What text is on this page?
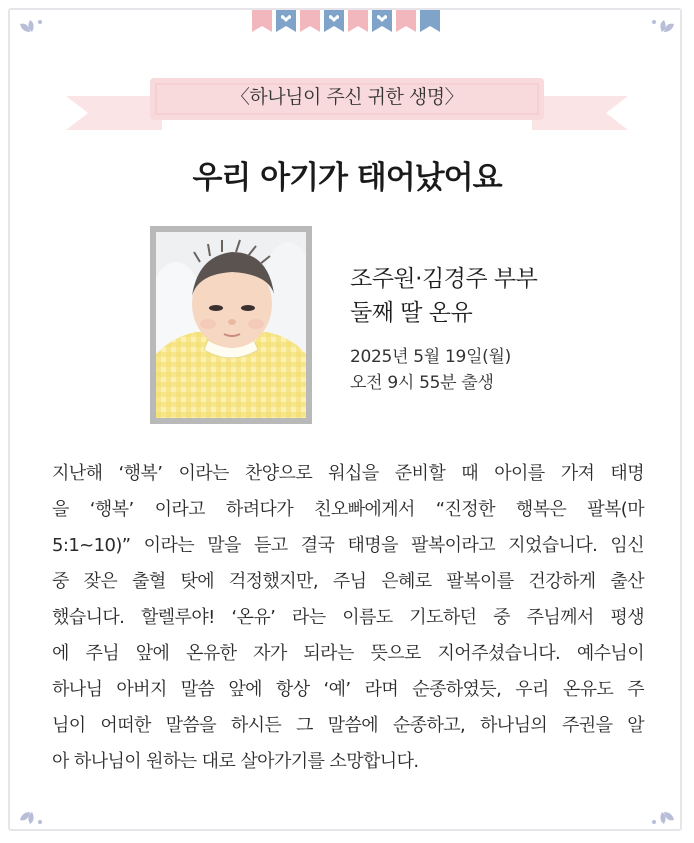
〈하나님이 주신 귀한 생명〉
우리 아기가 태어났어요
조주원·김경주 부부
둘째 딸 온유
2025년 5월 19일(월)
오전 9시 55분 출생
지난해 ‘행복’ 이라는 찬양으로 워십을 준비할 때 아이를 가져 태명
을 ‘행복’ 이라고 하려다가 친오빠에게서 “진정한 행복은 팔복(마
5:1~10)” 이라는 말을 듣고 결국 태명을 팔복이라고 지었습니다. 임신
중 잦은 출혈 탓에 걱정했지만, 주님 은혜로 팔복이를 건강하게 출산
했습니다. 할렐루야! ‘온유’ 라는 이름도 기도하던 중 주님께서 평생
에 주님 앞에 온유한 자가 되라는 뜻으로 지어주셨습니다. 예수님이
하나님 아버지 말씀 앞에 항상 ‘예’ 라며 순종하였듯, 우리 온유도 주
님이 어떠한 말씀을 하시든 그 말씀에 순종하고, 하나님의 주권을 알
아 하나님이 원하는 대로 살아가기를 소망합니다.
